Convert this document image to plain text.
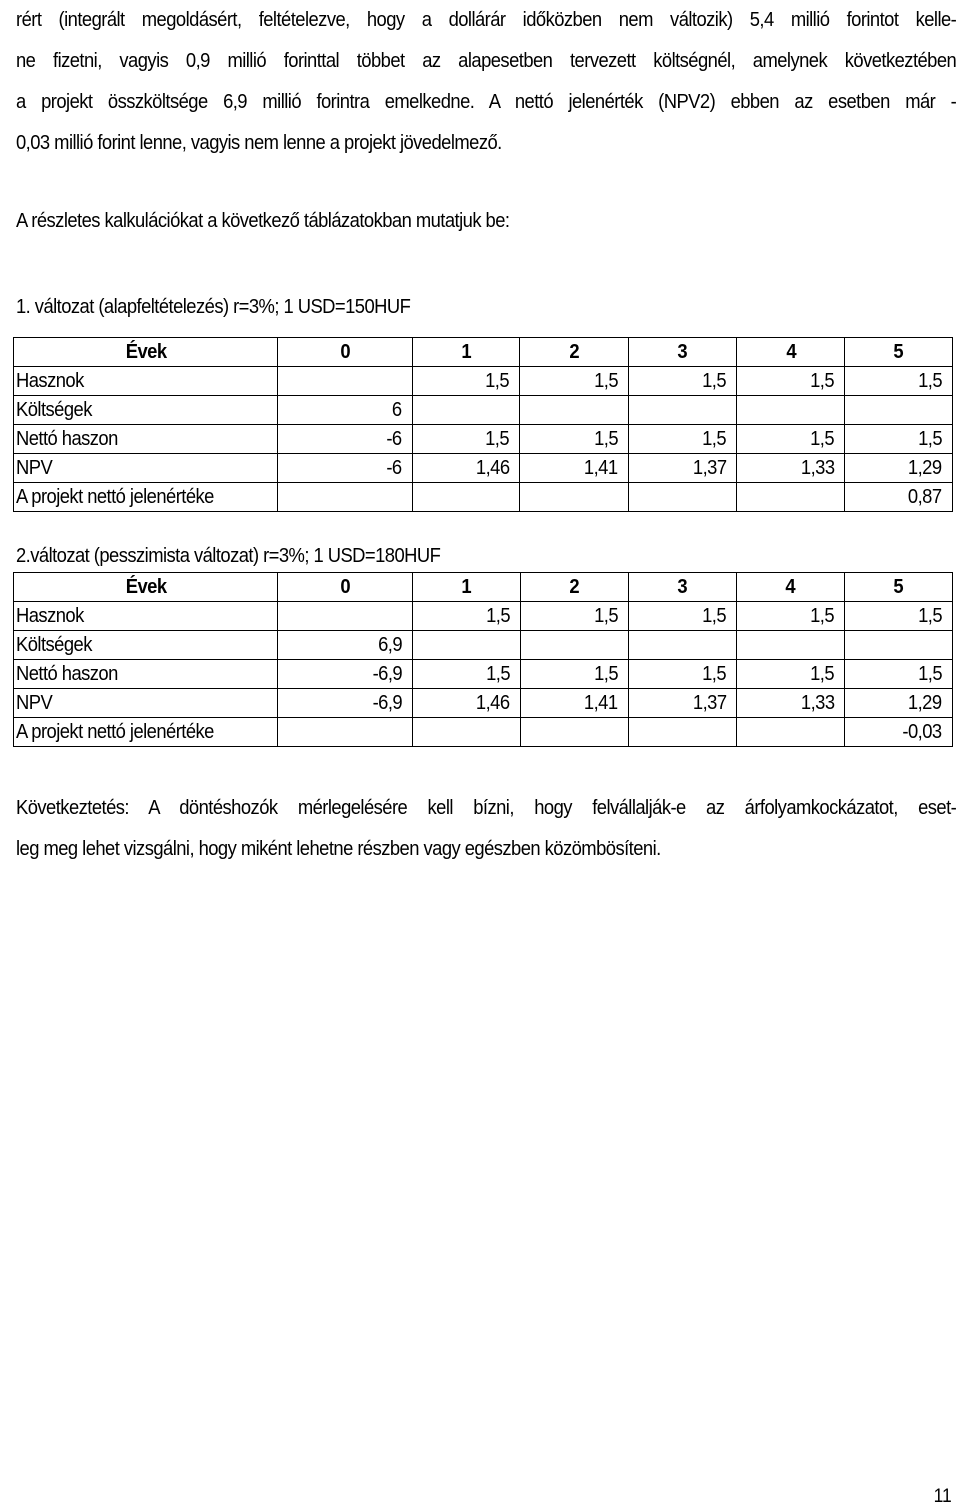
rért (integrált megoldásért, feltételezve, hogy a dollárár időközben nem változik) 5,4 millió forintot kelle-
ne fizetni, vagyis 0,9 millió forinttal többet az alapesetben tervezett költségnél, amelynek következtében
a projekt összköltsége 6,9 millió forintra emelkedne. A nettó jelenérték (NPV2) ebben az esetben már -
0,03 millió forint lenne, vagyis nem lenne a projekt jövedelmező.
A részletes kalkulációkat a következő táblázatokban mutatjuk be:
1. változat (alapfeltételezés) r=3%; 1 USD=150HUF
Évek	0	1	2	3	4	5
Hasznok		1,5	1,5	1,5	1,5	1,5
Költségek	6					
Nettó haszon	-6	1,5	1,5	1,5	1,5	1,5
NPV	-6	1,46	1,41	1,37	1,33	1,29
A projekt nettó jelenértéke						0,87
2.változat (pesszimista változat) r=3%; 1 USD=180HUF
Évek	0	1	2	3	4	5
Hasznok		1,5	1,5	1,5	1,5	1,5
Költségek	6,9					
Nettó haszon	-6,9	1,5	1,5	1,5	1,5	1,5
NPV	-6,9	1,46	1,41	1,37	1,33	1,29
A projekt nettó jelenértéke						-0,03
Következtetés: A döntéshozók mérlegelésére kell bízni, hogy felvállalják-e az árfolyamkockázatot, eset-
leg meg lehet vizsgálni, hogy miként lehetne részben vagy egészben közömbösíteni.
11
